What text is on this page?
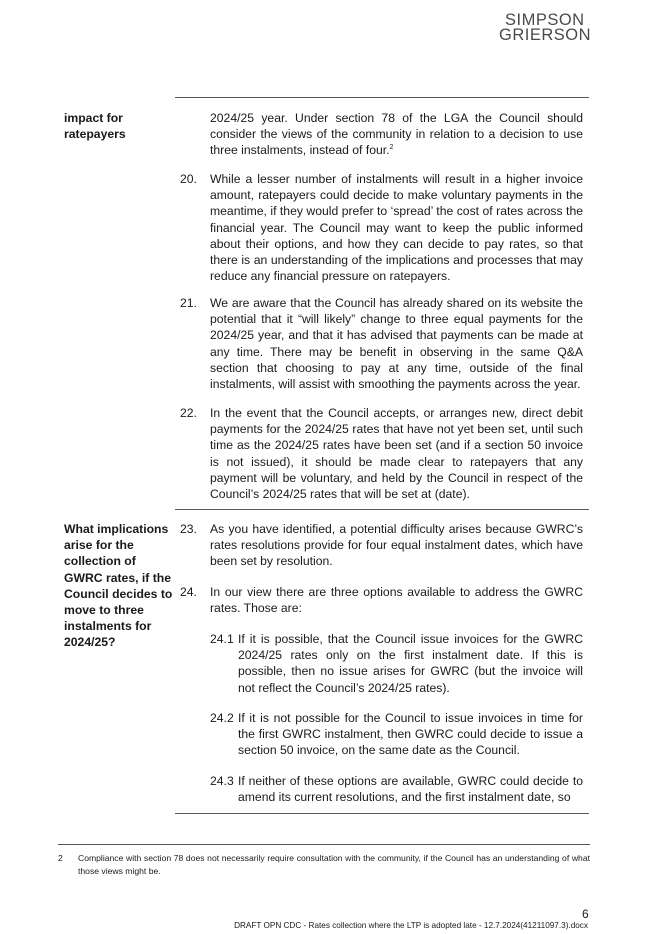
SIMPSON
GRIERSON
impact for ratepayers
2024/25 year. Under section 78 of the LGA the Council should consider the views of the community in relation to a decision to use three instalments, instead of four.$^2$
20. While a lesser number of instalments will result in a higher invoice amount, ratepayers could decide to make voluntary payments in the meantime, if they would prefer to ‘spread’ the cost of rates across the financial year. The Council may want to keep the public informed about their options, and how they can decide to pay rates, so that there is an understanding of the implications and processes that may reduce any financial pressure on ratepayers.
21. We are aware that the Council has already shared on its website the potential that it “will likely” change to three equal payments for the 2024/25 year, and that it has advised that payments can be made at any time. There may be benefit in observing in the same Q&A section that choosing to pay at any time, outside of the final instalments, will assist with smoothing the payments across the year.
22. In the event that the Council accepts, or arranges new, direct debit payments for the 2024/25 rates that have not yet been set, until such time as the 2024/25 rates have been set (and if a section 50 invoice is not issued), it should be made clear to ratepayers that any payment will be voluntary, and held by the Council in respect of the Council’s 2024/25 rates that will be set at (date).
What implications arise for the collection of GWRC rates, if the Council decides to move to three instalments for 2024/25?
23. As you have identified, a potential difficulty arises because GWRC’s rates resolutions provide for four equal instalment dates, which have been set by resolution.
24. In our view there are three options available to address the GWRC rates. Those are:
24.1 If it is possible, that the Council issue invoices for the GWRC 2024/25 rates only on the first instalment date. If this is possible, then no issue arises for GWRC (but the invoice will not reflect the Council’s 2024/25 rates).
24.2 If it is not possible for the Council to issue invoices in time for the first GWRC instalment, then GWRC could decide to issue a section 50 invoice, on the same date as the Council.
24.3 If neither of these options are available, GWRC could decide to amend its current resolutions, and the first instalment date, so
2 Compliance with section 78 does not necessarily require consultation with the community, if the Council has an understanding of what those views might be.
6
DRAFT OPN CDC - Rates collection where the LTP is adopted late - 12.7.2024(41211097.3).docx
